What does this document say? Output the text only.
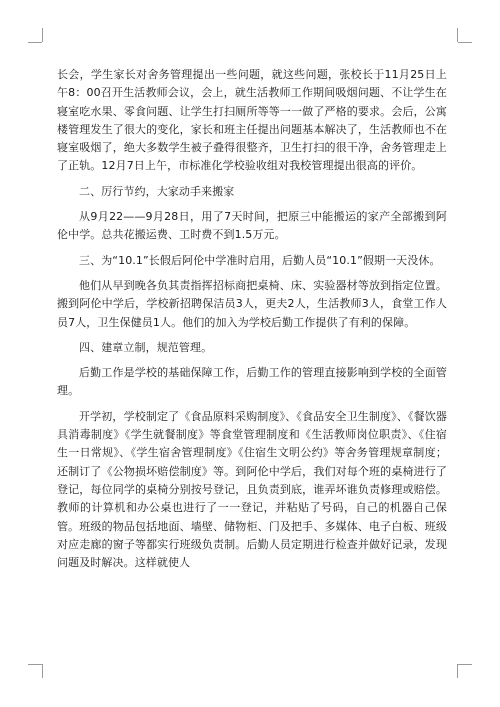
长会，学生家长对舍务管理提出一些问题，就这些问题，张校长于11月25日上午8：00召开生活教师会议，会上，就生活教师工作期间吸烟问题、不让学生在寝室吃水果、零食问题、让学生打扫厕所等等一一做了严格的要求。会后，公寓楼管理发生了很大的变化，家长和班主任提出问题基本解决了，生活教师也不在寝室吸烟了，绝大多数学生被子叠得很整齐，卫生打扫的很干净，舍务管理走上了正轨。12月7日上午，市标准化学校验收组对我校管理提出很高的评价。

二、厉行节约，大家动手来搬家

从9月22——9月28日，用了7天时间，把原三中能搬运的家产全部搬到阿伦中学。总共花搬运费、工时费不到1.5万元。

三、为“10.1”长假后阿伦中学准时启用，后勤人员“10.1”假期一天没休。

他们从早到晚各负其责指挥招标商把桌椅、床、实验器材等放到指定位置。搬到阿伦中学后，学校新招聘保洁员3人，更夫2人，生活教师3人，食堂工作人员7人，卫生保健员1人。他们的加入为学校后勤工作提供了有利的保障。

四、建章立制，规范管理。

后勤工作是学校的基础保障工作，后勤工作的管理直接影响到学校的全面管理。

开学初，学校制定了《食品原料采购制度》、《食品安全卫生制度》、《餐饮器具消毒制度》《学生就餐制度》等食堂管理制度和《生活教师岗位职责》、《住宿生一日常规》、《学生宿舍管理制度》《住宿生文明公约》等舍务管理规章制度；还制订了《公物损坏赔偿制度》等。到阿伦中学后，我们对每个班的桌椅进行了登记，每位同学的桌椅分别按号登记，且负责到底，谁弄坏谁负责修理或赔偿。教师的计算机和办公桌也进行了一一登记，并粘贴了号码，自己的机器自己保管。班级的物品包括地面、墙壁、储物柜、门及把手、多媒体、电子白板、班级对应走廊的窗子等都实行班级负责制。后勤人员定期进行检查并做好记录，发现问题及时解决。这样就使人
